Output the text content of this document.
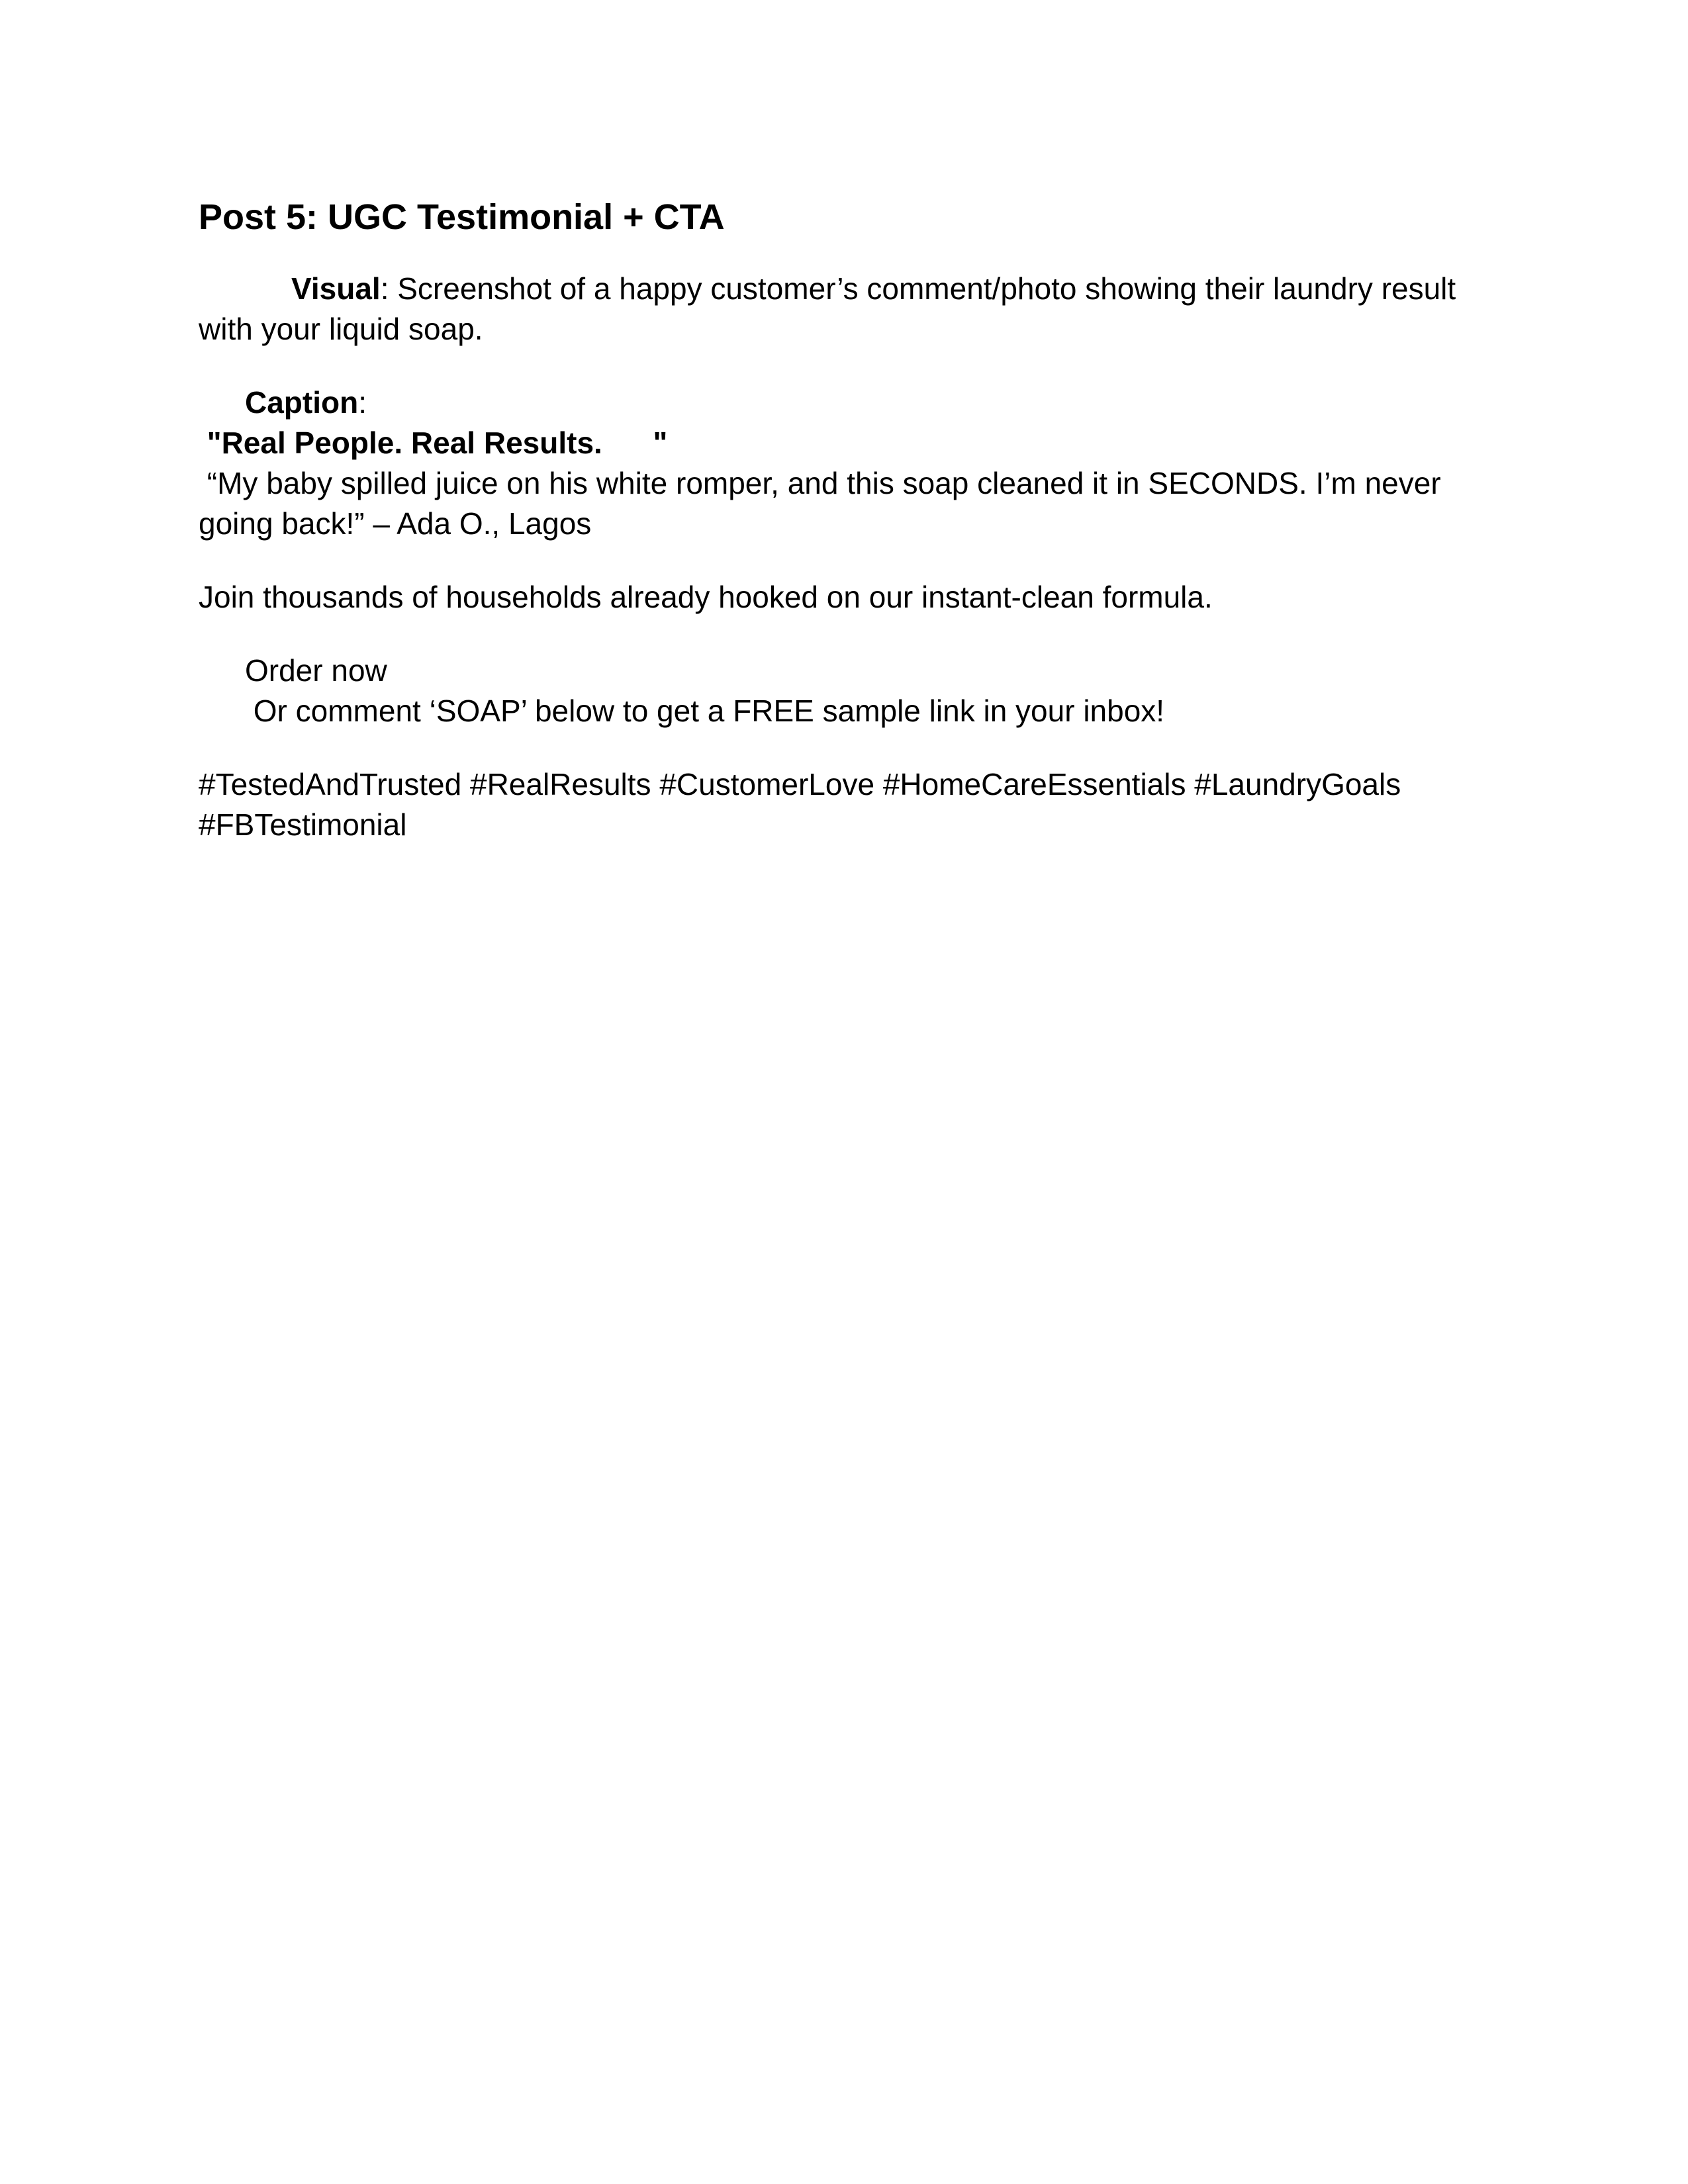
Post 5: UGC Testimonial + CTA
Visual: Screenshot of a happy customer’s comment/photo showing their laundry result with your liquid soap.
Caption:
"Real People. Real Results.      "
“My baby spilled juice on his white romper, and this soap cleaned it in SECONDS. I’m never
going back!” – Ada O., Lagos
Join thousands of households already hooked on our instant-clean formula.
Order now
Or comment ‘SOAP’ below to get a FREE sample link in your inbox!
#TestedAndTrusted #RealResults #CustomerLove #HomeCareEssentials #LaundryGoals
#FBTestimonial
